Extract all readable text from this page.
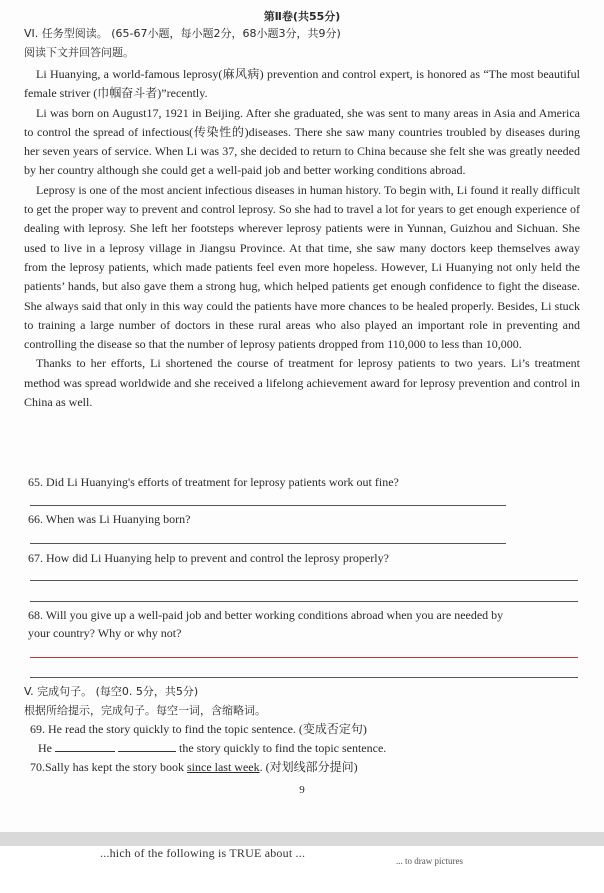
第Ⅱ卷(共55分)
VI. 任务型阅读。 (65-67小题，每小题2分，68小题3分，共9分)
阅读下文并回答问题。

Li Huanying, a world-famous leprosy(麻风病) prevention and control expert, is honored as “The most beautiful female striver (巾帼奋斗者)”recently.

Li was born on August17, 1921 in Beijing. After she graduated, she was sent to many areas in Asia and America to control the spread of infectious(传染性的)diseases. There she saw many countries troubled by diseases during her seven years of service. When Li was 37, she decided to return to China because she felt she was greatly needed by her country although she could get a well-paid job and better working conditions abroad.

Leprosy is one of the most ancient infectious diseases in human history. To begin with, Li found it really difficult to get the proper way to prevent and control leprosy. So she had to travel a lot for years to get enough experience of dealing with leprosy. She left her footsteps wherever leprosy patients were in Yunnan, Guizhou and Sichuan. She used to live in a leprosy village in Jiangsu Province. At that time, she saw many doctors keep themselves away from the leprosy patients, which made patients feel even more hopeless. However, Li Huanying not only held the patients’ hands, but also gave them a strong hug, which helped patients get enough confidence to fight the disease. She always said that only in this way could the patients have more chances to be healed properly. Besides, Li stuck to training a large number of doctors in these rural areas who also played an important role in preventing and controlling the disease so that the number of leprosy patients dropped from 110,000 to less than 10,000.

Thanks to her efforts, Li shortened the course of treatment for leprosy patients to two years. Li’s treatment method was spread worldwide and she received a lifelong achievement award for leprosy prevention and control in China as well.

65. Did Li Huanying's efforts of treatment for leprosy patients work out fine?
66. When was Li Huanying born?
67. How did Li Huanying help to prevent and control the leprosy properly?
68. Will you give up a well-paid job and better working conditions abroad when you are needed by
your country? Why or why not?
V. 完成句子。 (每空0. 5分，共5分)
根据所给提示，完成句子。每空一词，含缩略词。
69. He read the story quickly to find the topic sentence. (变成否定句)
He	the story quickly to find the topic sentence.
70.Sally has kept the story book since last week. (对划线部分提问)
9
...hich of the following is TRUE about ...
... to draw pictures
